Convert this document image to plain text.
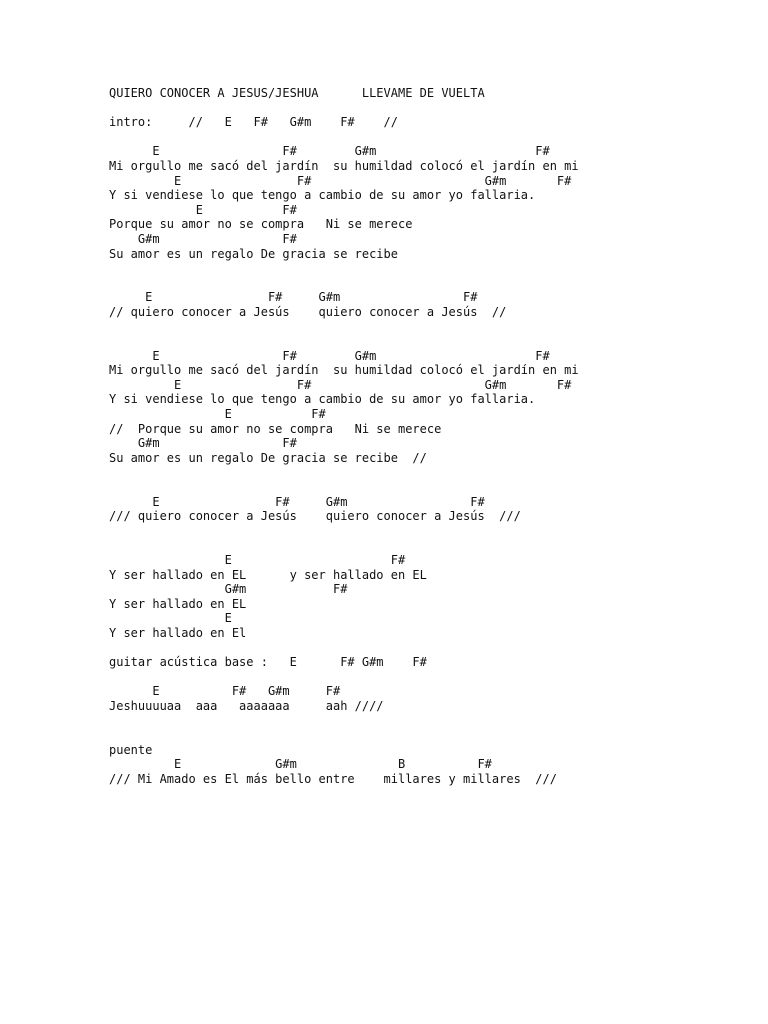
QUIERO CONOCER A JESUS/JESHUA      LLEVAME DE VUELTA

intro:     //   E   F#   G#m    F#    //

E                 F#        G#m                      F#
Mi orgullo me sacó del jardín  su humildad colocó el jardín en mi
E                F#                        G#m       F#
Y si vendiese lo que tengo a cambio de su amor yo fallaria.
E           F#
Porque su amor no se compra   Ni se merece
G#m                 F#
Su amor es un regalo De gracia se recibe

E                F#     G#m                 F#
// quiero conocer a Jesús    quiero conocer a Jesús  //

E                 F#        G#m                      F#
Mi orgullo me sacó del jardín  su humildad colocó el jardín en mi
E                F#                        G#m       F#
Y si vendiese lo que tengo a cambio de su amor yo fallaria.
E           F#
//  Porque su amor no se compra   Ni se merece
G#m                 F#
Su amor es un regalo De gracia se recibe  //

E                F#     G#m                 F#
/// quiero conocer a Jesús    quiero conocer a Jesús  ///

E                      F#
Y ser hallado en EL      y ser hallado en EL
G#m            F#
Y ser hallado en EL
E
Y ser hallado en El

guitar acústica base :   E      F# G#m    F#

E          F#   G#m     F#
Jeshuuuuaa  aaa   aaaaaaa     aah ////

puente
E             G#m              B          F#
/// Mi Amado es El más bello entre    millares y millares  ///
